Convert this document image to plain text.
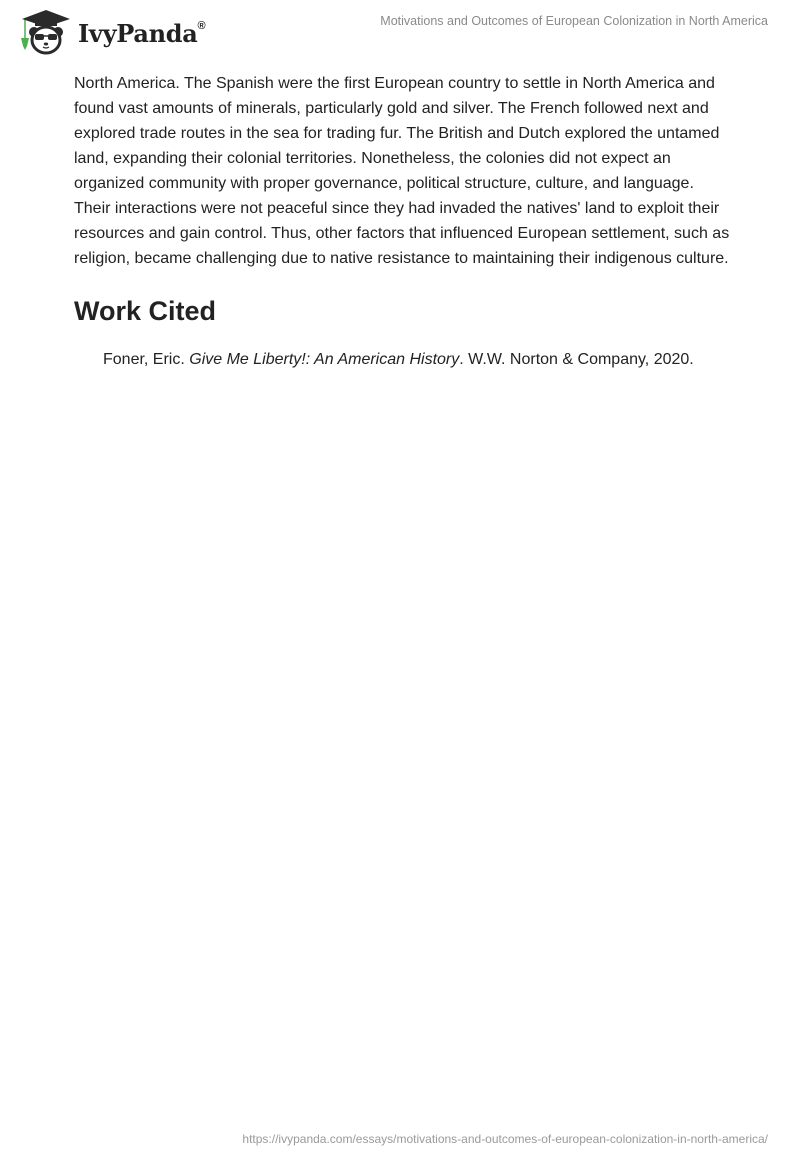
IvyPanda®	Motivations and Outcomes of European Colonization in North America

North America. The Spanish were the first European country to settle in North America and found vast amounts of minerals, particularly gold and silver. The French followed next and explored trade routes in the sea for trading fur. The British and Dutch explored the untamed land, expanding their colonial territories. Nonetheless, the colonies did not expect an organized community with proper governance, political structure, culture, and language. Their interactions were not peaceful since they had invaded the natives' land to exploit their resources and gain control. Thus, other factors that influenced European settlement, such as religion, became challenging due to native resistance to maintaining their indigenous culture.

Work Cited

Foner, Eric. Give Me Liberty!: An American History. W.W. Norton & Company, 2020.

https://ivypanda.com/essays/motivations-and-outcomes-of-european-colonization-in-north-america/
